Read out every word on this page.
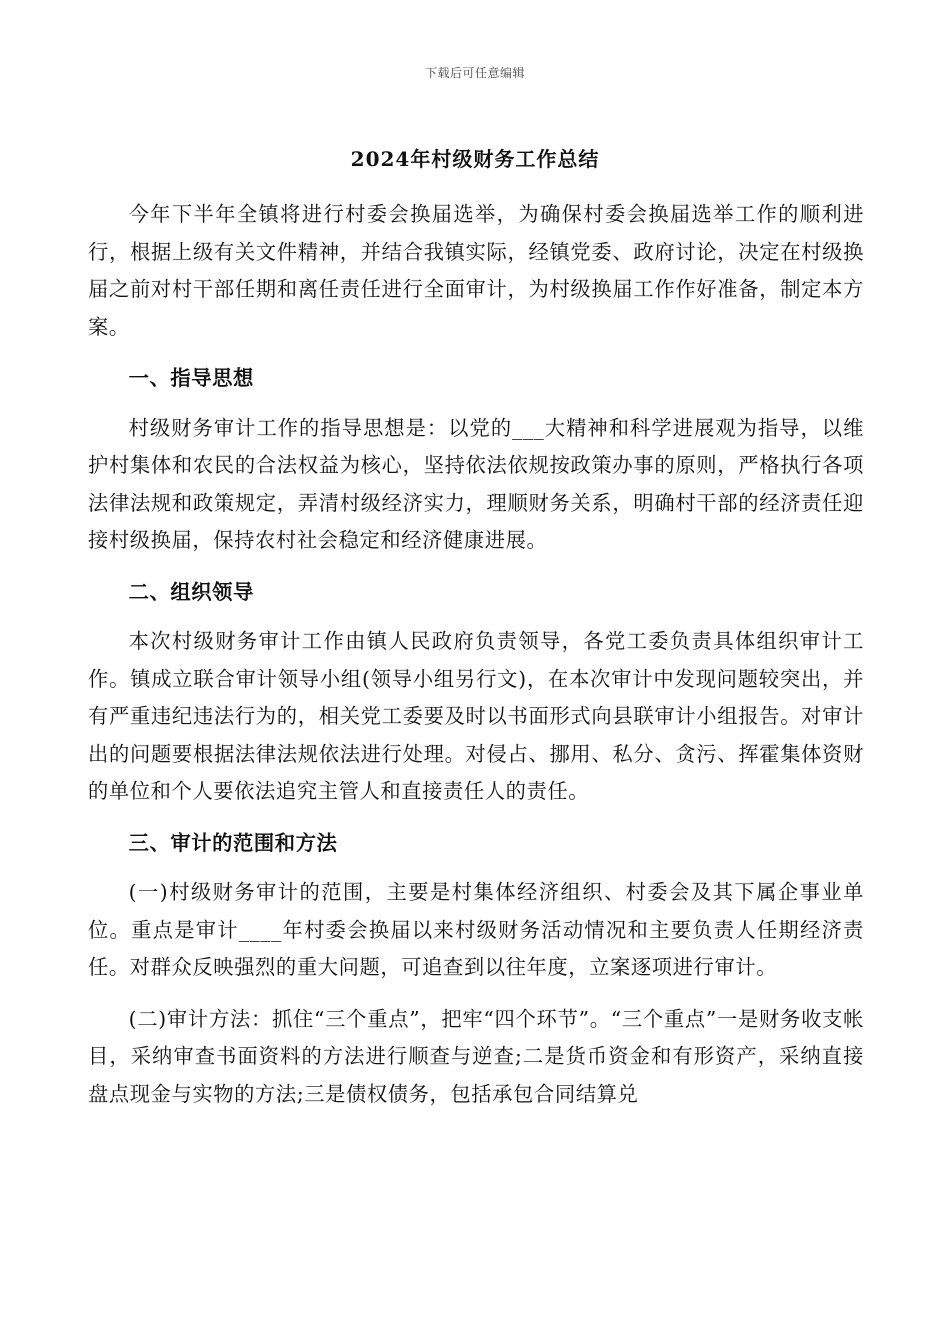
下载后可任意编辑
2024年村级财务工作总结

今年下半年全镇将进行村委会换届选举，为确保村委会换届选举工作的顺利进行，根据上级有关文件精神，并结合我镇实际，经镇党委、政府讨论，决定在村级换届之前对村干部任期和离任责任进行全面审计，为村级换届工作作好准备，制定本方案。

一、指导思想

村级财务审计工作的指导思想是：以党的___大精神和科学进展观为指导，以维护村集体和农民的合法权益为核心，坚持依法依规按政策办事的原则，严格执行各项法律法规和政策规定，弄清村级经济实力，理顺财务关系，明确村干部的经济责任迎接村级换届，保持农村社会稳定和经济健康进展。

二、组织领导

本次村级财务审计工作由镇人民政府负责领导，各党工委负责具体组织审计工作。镇成立联合审计领导小组(领导小组另行文)，在本次审计中发现问题较突出，并有严重违纪违法行为的，相关党工委要及时以书面形式向县联审计小组报告。对审计出的问题要根据法律法规依法进行处理。对侵占、挪用、私分、贪污、挥霍集体资财的单位和个人要依法追究主管人和直接责任人的责任。

三、审计的范围和方法

(一)村级财务审计的范围，主要是村集体经济组织、村委会及其下属企事业单位。重点是审计____年村委会换届以来村级财务活动情况和主要负责人任期经济责任。对群众反映强烈的重大问题，可追查到以往年度，立案逐项进行审计。

(二)审计方法：抓住“三个重点”，把牢“四个环节”。“三个重点”一是财务收支帐目，采纳审查书面资料的方法进行顺查与逆查;二是货币资金和有形资产，采纳直接盘点现金与实物的方法;三是债权债务，包括承包合同结算兑
